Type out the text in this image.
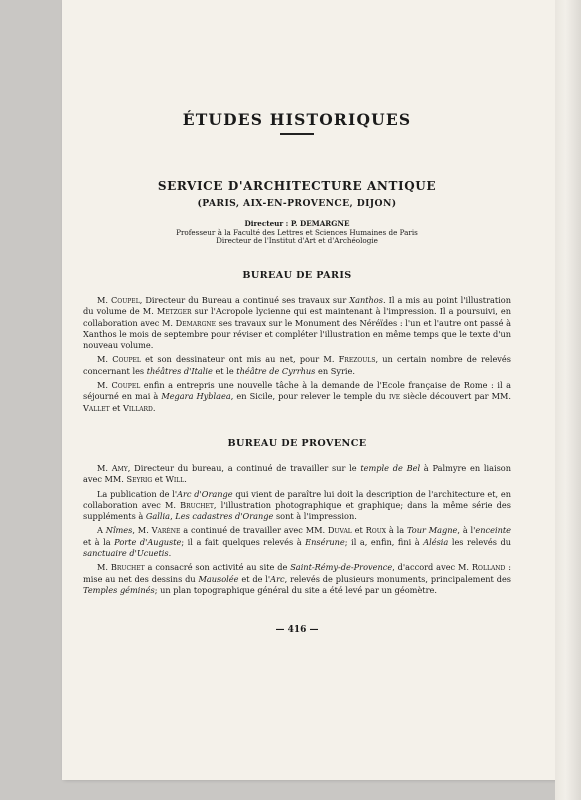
ÉTUDES HISTORIQUES
SERVICE D'ARCHITECTURE ANTIQUE
(PARIS, AIX-EN-PROVENCE, DIJON)
Directeur : P. DEMARGNE
Professeur à la Faculté des Lettres et Sciences Humaines de Paris
Directeur de l'Institut d'Art et d'Archéologie
BUREAU DE PARIS

M. Coupel, Directeur du Bureau a continué ses travaux sur Xanthos. Il a mis au point l'illustration du volume de M. Metzger sur l'Acropole lycienne qui est maintenant à l'impression. Il a poursuivi, en collaboration avec M. Demargne ses travaux sur le Monument des Néréïdes : l'un et l'autre ont passé à Xanthos le mois de septembre pour réviser et compléter l'illustration en même temps que le texte d'un nouveau volume.

M. Coupel et son dessinateur ont mis au net, pour M. Frezouls, un certain nombre de relevés concernant les théâtres d'Italie et le théâtre de Cyrrhus en Syrie.

M. Coupel enfin a entrepris une nouvelle tâche à la demande de l'Ecole française de Rome : il a séjourné en mai à Megara Hyblaea, en Sicile, pour relever le temple du ive siècle découvert par MM. Vallet et Villard.

BUREAU DE PROVENCE

M. Amy, Directeur du bureau, a continué de travailler sur le temple de Bel à Palmyre en liaison avec MM. Seyrig et Will.

La publication de l'Arc d'Orange qui vient de paraître lui doit la description de l'architecture et, en collaboration avec M. Bruchet, l'illustration photographique et graphique; dans la même série des suppléments à Gallia, Les cadastres d'Orange sont à l'impression.

A Nîmes, M. Varène a continué de travailler avec MM. Duval et Roux à la Tour Magne, à l'enceinte et à la Porte d'Auguste; il a fait quelques relevés à Ensérune; il a, enfin, fini à Alésia les relevés du sanctuaire d'Ucuetis.

M. Bruchet a consacré son activité au site de Saint-Rémy-de-Provence, d'accord avec M. Rolland : mise au net des dessins du Mausolée et de l'Arc, relevés de plusieurs monuments, principalement des Temples géminés; un plan topographique général du site a été levé par un géomètre.

— 416 —
